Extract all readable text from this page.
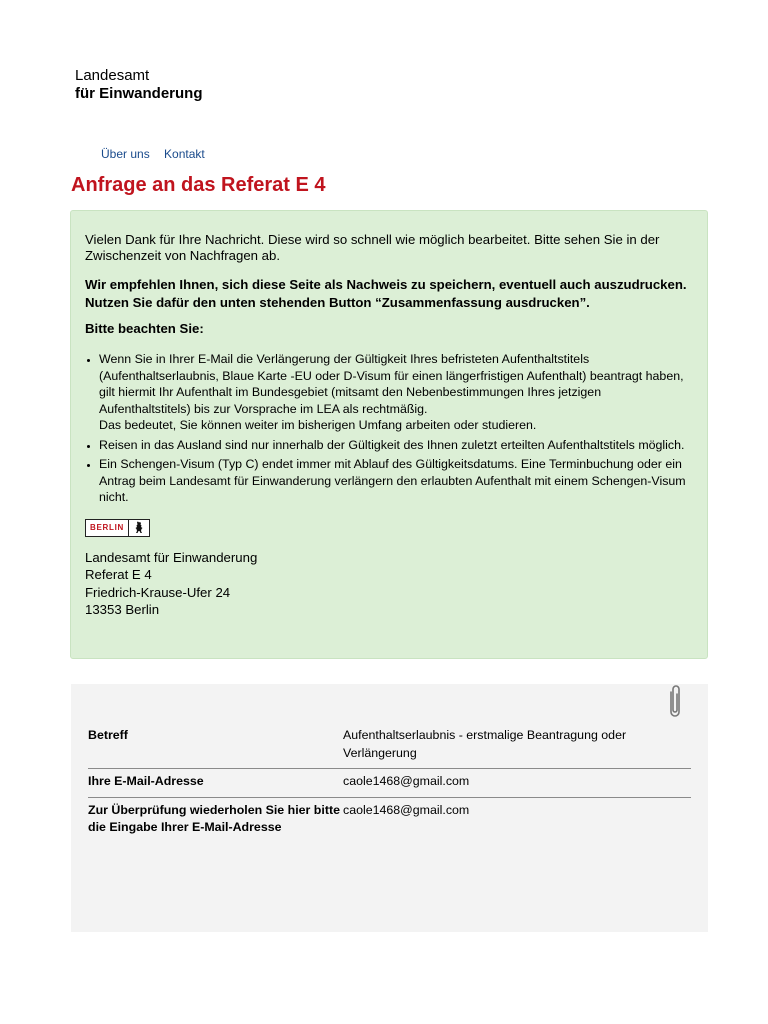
Landesamt
für Einwanderung
Über uns Kontakt
Anfrage an das Referat E 4

Vielen Dank für Ihre Nachricht. Diese wird so schnell wie möglich bearbeitet. Bitte sehen Sie in der Zwischenzeit von Nachfragen ab.

Wir empfehlen Ihnen, sich diese Seite als Nachweis zu speichern, eventuell auch auszudrucken. Nutzen Sie dafür den unten stehenden Button “Zusammenfassung ausdrucken”.

Bitte beachten Sie:

• Wenn Sie in Ihrer E-Mail die Verlängerung der Gültigkeit Ihres befristeten Aufenthaltstitels (Aufenthaltserlaubnis, Blaue Karte -EU oder D-Visum für einen längerfristigen Aufenthalt) beantragt haben, gilt hiermit Ihr Aufenthalt im Bundesgebiet (mitsamt den Nebenbestimmungen Ihres jetzigen Aufenthaltstitels) bis zur Vorsprache im LEA als rechtmäßig.
Das bedeutet, Sie können weiter im bisherigen Umfang arbeiten oder studieren.
• Reisen in das Ausland sind nur innerhalb der Gültigkeit des Ihnen zuletzt erteilten Aufenthaltstitels möglich.
• Ein Schengen-Visum (Typ C) endet immer mit Ablauf des Gültigkeitsdatums. Eine Terminbuchung oder ein Antrag beim Landesamt für Einwanderung verlängern den erlaubten Aufenthalt mit einem Schengen-Visum nicht.
BERLIN
Landesamt für Einwanderung
Referat E 4
Friedrich-Krause-Ufer 24
13353 Berlin
Betreff	Aufenthaltserlaubnis - erstmalige Beantragung oder Verlängerung
Ihre E-Mail-Adresse	caole1468@gmail.com
Zur Überprüfung wiederholen Sie hier bitte die Eingabe Ihrer E-Mail-Adresse	caole1468@gmail.com
